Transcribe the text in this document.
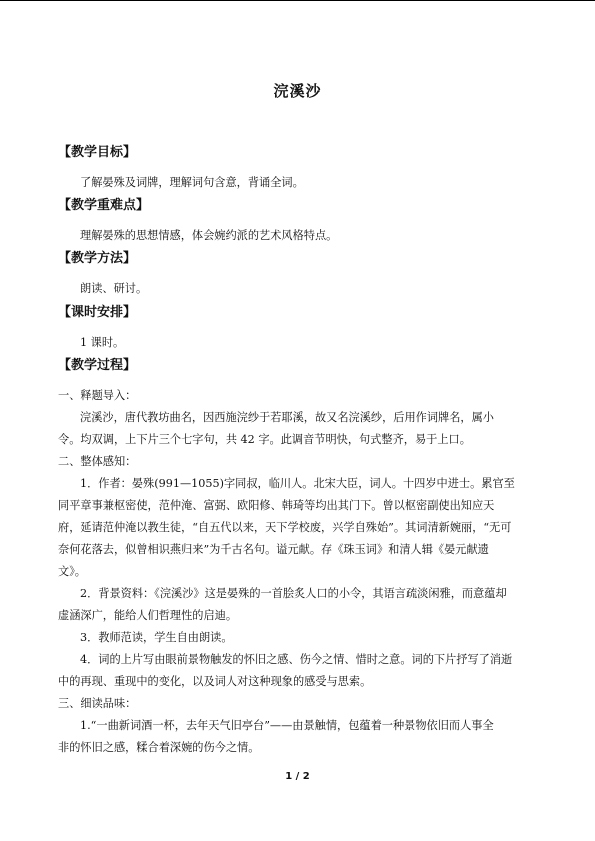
浣溪沙
【教学目标】
了解晏殊及词牌，理解词句含意，背诵全词。
【教学重难点】
理解晏殊的思想情感，体会婉约派的艺术风格特点。
【教学方法】
朗读、研讨。
【课时安排】
1 课时。
【教学过程】
一、释题导入：
浣溪沙，唐代教坊曲名，因西施浣纱于若耶溪，故又名浣溪纱，后用作词牌名，属小
令。均双调，上下片三个七字句，共 42 字。此调音节明快，句式整齐，易于上口。
二、整体感知：
1．作者：晏殊(991—1055)字同叔，临川人。北宋大臣，词人。十四岁中进士。累官至
同平章事兼枢密使，范仲淹、富弼、欧阳修、韩琦等均出其门下。曾以枢密副使出知应天
府，延请范仲淹以教生徒，“自五代以来，天下学校废，兴学自殊始”。其词清新婉丽，“无可
奈何花落去，似曾相识燕归来”为千古名句。谥元献。存《珠玉词》和清人辑《晏元献遗
文》。
2．背景资料：《浣溪沙》这是晏殊的一首脍炙人口的小令，其语言疏淡闲雅，而意蕴却
虚涵深广，能给人们哲理性的启迪。
3．教师范读，学生自由朗读。
4．词的上片写由眼前景物触发的怀旧之感、伤今之情、惜时之意。词的下片抒写了消逝
中的再现、重现中的变化，以及词人对这种现象的感受与思索。
三、细读品味：
1.“一曲新词酒一杯，去年天气旧亭台”——由景触情，包蕴着一种景物依旧而人事全
非的怀旧之感，糅合着深婉的伤今之情。
1 / 2
